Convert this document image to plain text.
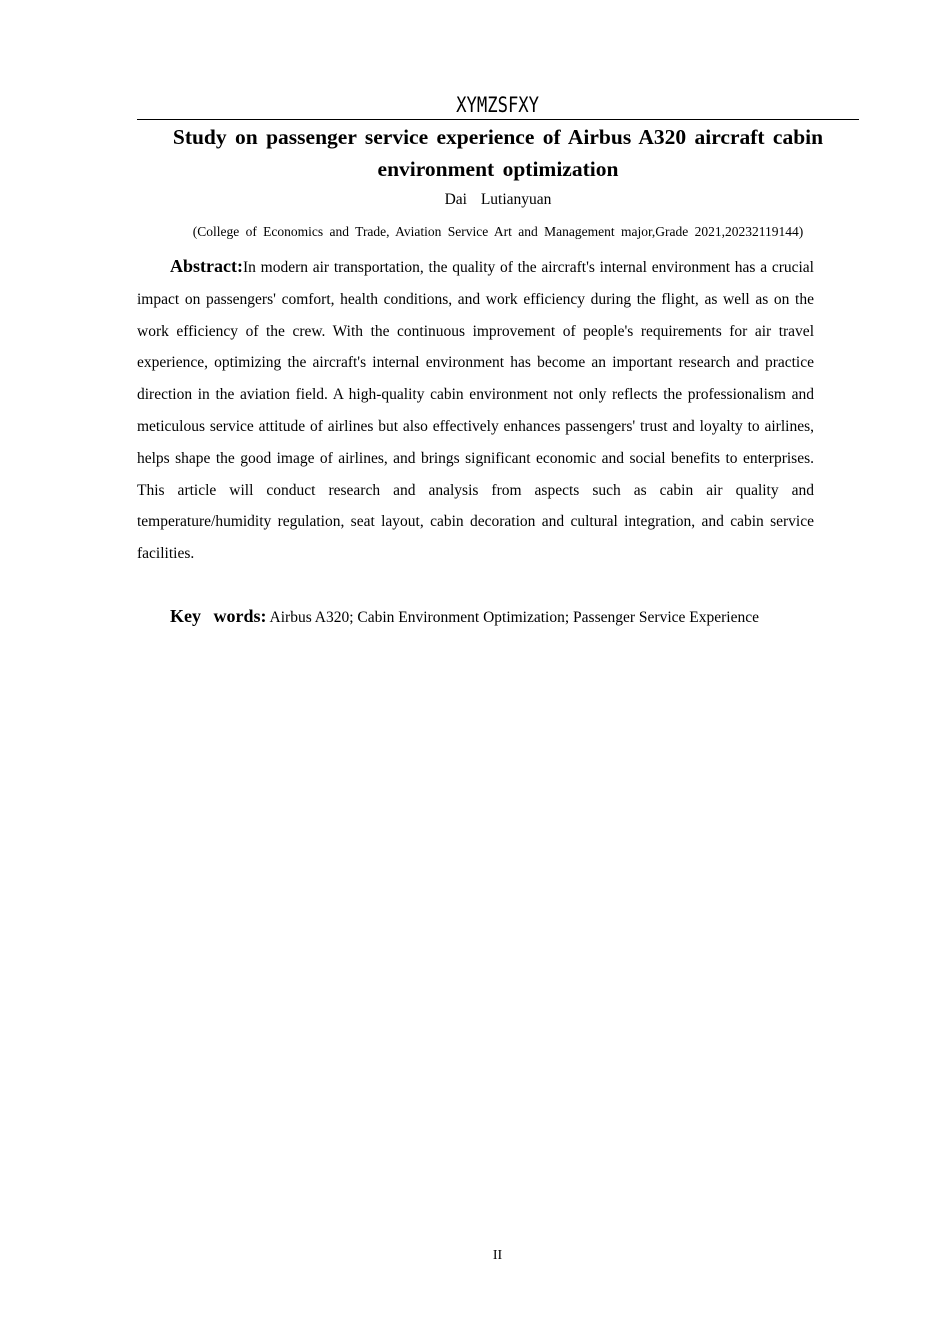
XYMZSFXY
Study on passenger service experience of Airbus A320 aircraft cabin environment optimization
Dai Lutianyuan
(College of Economics and Trade, Aviation Service Art and Management major,Grade 2021,20232119144)

Abstract:In modern air transportation, the quality of the aircraft's internal environment has a crucial impact on passengers' comfort, health conditions, and work efficiency during the flight, as well as on the work efficiency of the crew. With the continuous improvement of people's requirements for air travel experience, optimizing the aircraft's internal environment has become an important research and practice direction in the aviation field. A high-quality cabin environment not only reflects the professionalism and meticulous service attitude of airlines but also effectively enhances passengers' trust and loyalty to airlines, helps shape the good image of airlines, and brings significant economic and social benefits to enterprises. This article will conduct research and analysis from aspects such as cabin air quality and temperature/humidity regulation, seat layout, cabin decoration and cultural integration, and cabin service facilities.

Key words: Airbus A320; Cabin Environment Optimization; Passenger Service Experience

II
